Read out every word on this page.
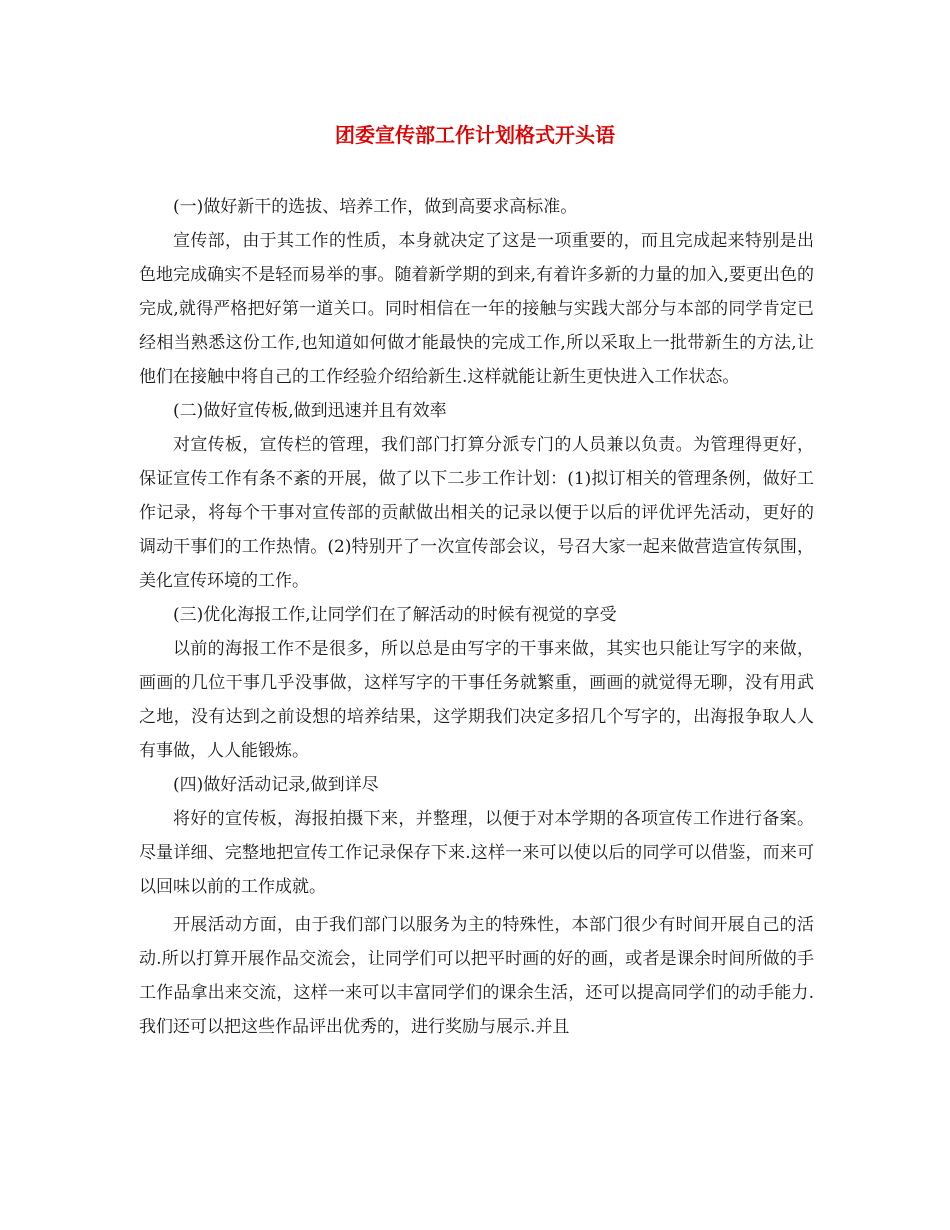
团委宣传部工作计划格式开头语

(一)做好新干的选拔、培养工作，做到高要求高标准。

宣传部，由于其工作的性质，本身就决定了这是一项重要的，而且完成起来特别是出色地完成确实不是轻而易举的事。随着新学期的到来,有着许多新的力量的加入,要更出色的完成,就得严格把好第一道关口。同时相信在一年的接触与实践大部分与本部的同学肯定已经相当熟悉这份工作,也知道如何做才能最快的完成工作,所以采取上一批带新生的方法,让他们在接触中将自己的工作经验介绍给新生.这样就能让新生更快进入工作状态。

(二)做好宣传板,做到迅速并且有效率

对宣传板，宣传栏的管理，我们部门打算分派专门的人员兼以负责。为管理得更好，保证宣传工作有条不紊的开展，做了以下二步工作计划：(1)拟订相关的管理条例，做好工作记录，将每个干事对宣传部的贡献做出相关的记录以便于以后的评优评先活动，更好的调动干事们的工作热情。(2)特别开了一次宣传部会议，号召大家一起来做营造宣传氛围，美化宣传环境的工作。

(三)优化海报工作,让同学们在了解活动的时候有视觉的享受

以前的海报工作不是很多，所以总是由写字的干事来做，其实也只能让写字的来做，画画的几位干事几乎没事做，这样写字的干事任务就繁重，画画的就觉得无聊，没有用武之地，没有达到之前设想的培养结果，这学期我们决定多招几个写字的，出海报争取人人有事做，人人能锻炼。

(四)做好活动记录,做到详尽

将好的宣传板，海报拍摄下来，并整理，以便于对本学期的各项宣传工作进行备案。尽量详细、完整地把宣传工作记录保存下来.这样一来可以使以后的同学可以借鉴，而来可以回味以前的工作成就。

开展活动方面，由于我们部门以服务为主的特殊性，本部门很少有时间开展自己的活动.所以打算开展作品交流会，让同学们可以把平时画的好的画，或者是课余时间所做的手工作品拿出来交流，这样一来可以丰富同学们的课余生活，还可以提高同学们的动手能力.我们还可以把这些作品评出优秀的，进行奖励与展示.并且
